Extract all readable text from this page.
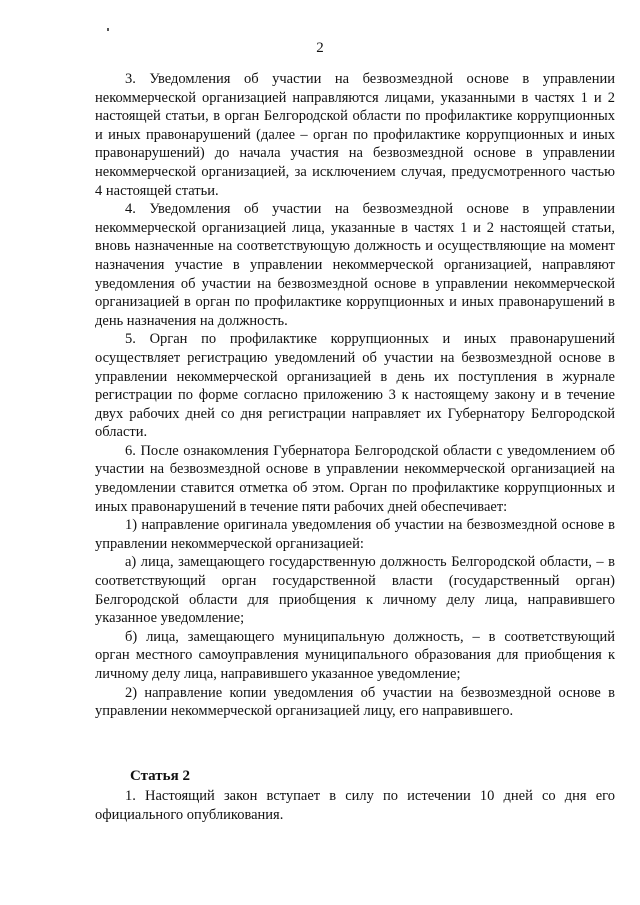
2

3. Уведомления об участии на безвозмездной основе в управлении некоммерческой организацией направляются лицами, указанными в частях 1 и 2 настоящей статьи, в орган Белгородской области по профилактике коррупционных и иных правонарушений (далее – орган по профилактике коррупционных и иных правонарушений) до начала участия на безвозмездной основе в управлении некоммерческой организацией, за исключением случая, предусмотренного частью 4 настоящей статьи.

4. Уведомления об участии на безвозмездной основе в управлении некоммерческой организацией лица, указанные в частях 1 и 2 настоящей статьи, вновь назначенные на соответствующую должность и осуществляющие на момент назначения участие в управлении некоммерческой организацией, направляют уведомления об участии на безвозмездной основе в управлении некоммерческой организацией в орган по профилактике коррупционных и иных правонарушений в день назначения на должность.

5. Орган по профилактике коррупционных и иных правонарушений осуществляет регистрацию уведомлений об участии на безвозмездной основе в управлении некоммерческой организацией в день их поступления в журнале регистрации по форме согласно приложению 3 к настоящему закону и в течение двух рабочих дней со дня регистрации направляет их Губернатору Белгородской области.

6. После ознакомления Губернатора Белгородской области с уведомлением об участии на безвозмездной основе в управлении некоммерческой организацией на уведомлении ставится отметка об этом. Орган по профилактике коррупционных и иных правонарушений в течение пяти рабочих дней обеспечивает:

1) направление оригинала уведомления об участии на безвозмездной основе в управлении некоммерческой организацией:

а) лица, замещающего государственную должность Белгородской области, – в соответствующий орган государственной власти (государственный орган) Белгородской области для приобщения к личному делу лица, направившего указанное уведомление;

б) лица, замещающего муниципальную должность, – в соответствующий орган местного самоуправления муниципального образования для приобщения к личному делу лица, направившего указанное уведомление;

2) направление копии уведомления об участии на безвозмездной основе в управлении некоммерческой организацией лицу, его направившего.

Статья 2

1. Настоящий закон вступает в силу по истечении 10 дней со дня его официального опубликования.
